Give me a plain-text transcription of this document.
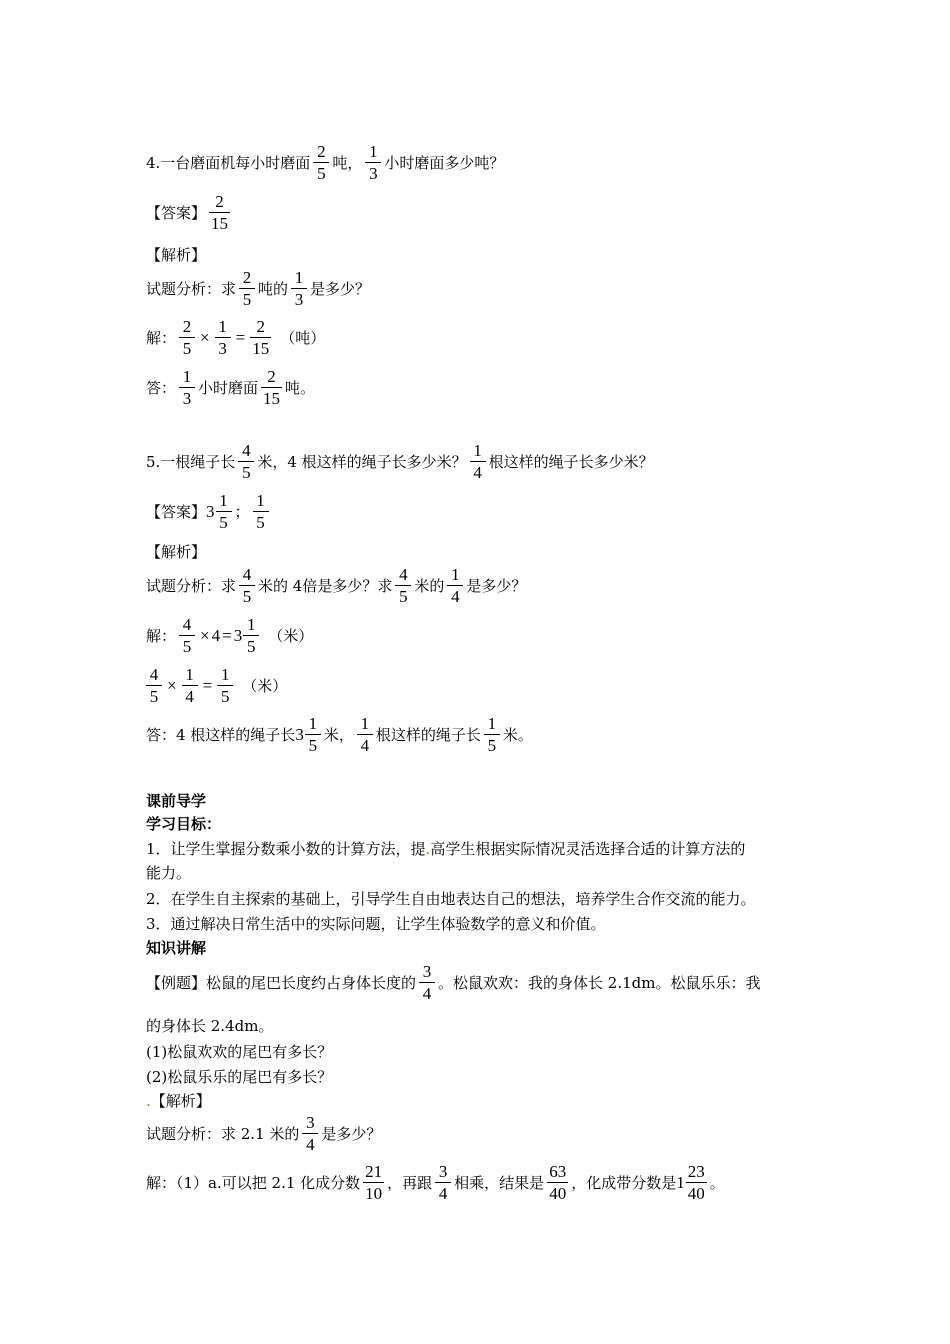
4.一台磨面机每小时磨面 $\frac{2}{5}$ 吨， $\frac{1}{3}$ 小时磨面多少吨？
【答案】 $\frac{2}{15}$
【解析】
试题分析：求 $\frac{2}{5}$ 吨的 $\frac{1}{3}$ 是多少？
解： $\frac{2}{5} \times \frac{1}{3} = \frac{2}{15}$ （吨）
答： $\frac{1}{3}$ 小时磨面 $\frac{2}{15}$ 吨。
5.一根绳子长 $\frac{4}{5}$ 米，4 根这样的绳子长多少米？ $\frac{1}{4}$ 根这样的绳子长多少米？
【答案】 $3 \frac{1}{5}$ ； $\frac{1}{5}$
【解析】
试题分析：求 $\frac{4}{5}$ 米的 4倍是多少？求 $\frac{4}{5}$ 米的 $\frac{1}{4}$ 是多少？
解： $\frac{4}{5} \times 4 = 3 \frac{1}{5}$ （米）
$\frac{4}{5} \times \frac{1}{4} = \frac{1}{5}$ （米）
答：4 根这样的绳子长 $3 \frac{1}{5}$ 米， $\frac{1}{4}$ 根这样的绳子长 $\frac{1}{5}$ 米。
课前导学
学习目标：
1．让学生掌握分数乘小数的计算方法，提 . 高学生根据实际情况灵活选择合适的计算方法的
能力。
2．在学生自主探索的基础上，引导学生自由地表达自己的想法，培养学生合作交流的能力。
3．通过解决日常生活中的实际问题，让学生体验数学的意义和价值。
知识讲解
【例题】松鼠的尾巴长度约占身体长度的 $\frac{3}{4}$ 。松鼠欢欢：我的身体长 2.1dm。松鼠乐乐：我
的身体长 2.4dm。
(1)松鼠欢欢的尾巴有多长？
(2)松鼠乐乐的尾巴有多长？
. 【解析】
试题分析：求 2.1 米的 $\frac{3}{4}$ 是多少？
解：（1）a.可以把 2.1 化成分数 $\frac{21}{10}$ ，再跟 $\frac{3}{4}$ 相乘，结果是 $\frac{63}{40}$ ，化成带分数是 $1 \frac{23}{40}$ 。
